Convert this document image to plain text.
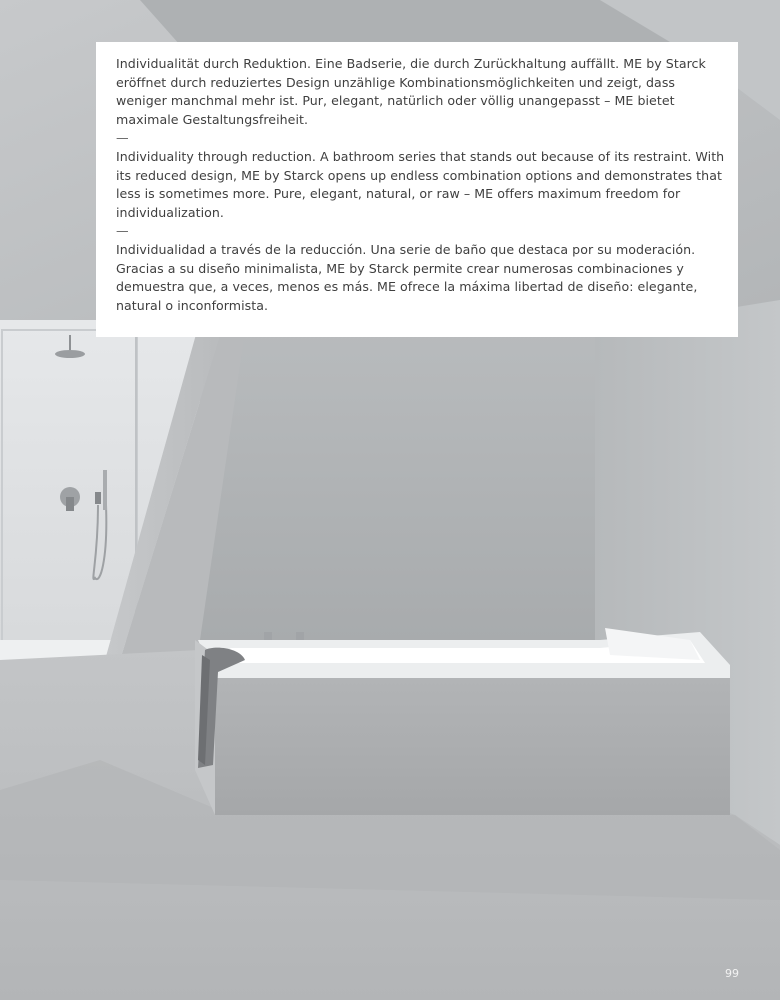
Individualität durch Reduktion. Eine Badserie, die durch Zurückhaltung auffällt. ME by Starck eröffnet durch reduziertes Design unzählige Kombinationsmöglichkeiten und zeigt, dass weniger manchmal mehr ist. Pur, elegant, natürlich oder völlig unangepasst – ME bietet maximale Gestaltungsfreiheit.

—

Individuality through reduction. A bathroom series that stands out because of its restraint. With its reduced design, ME by Starck opens up endless combination options and demonstrates that less is sometimes more. Pure, elegant, natural, or raw – ME offers maximum freedom for individualization.

—

Individualidad a través de la reducción. Una serie de baño que destaca por su moderación. Gracias a su diseño minimalista, ME by Starck permite crear numerosas combinaciones y demuestra que, a veces, menos es más. ME ofrece la máxima libertad de diseño: elegante, natural o inconformista.

99
